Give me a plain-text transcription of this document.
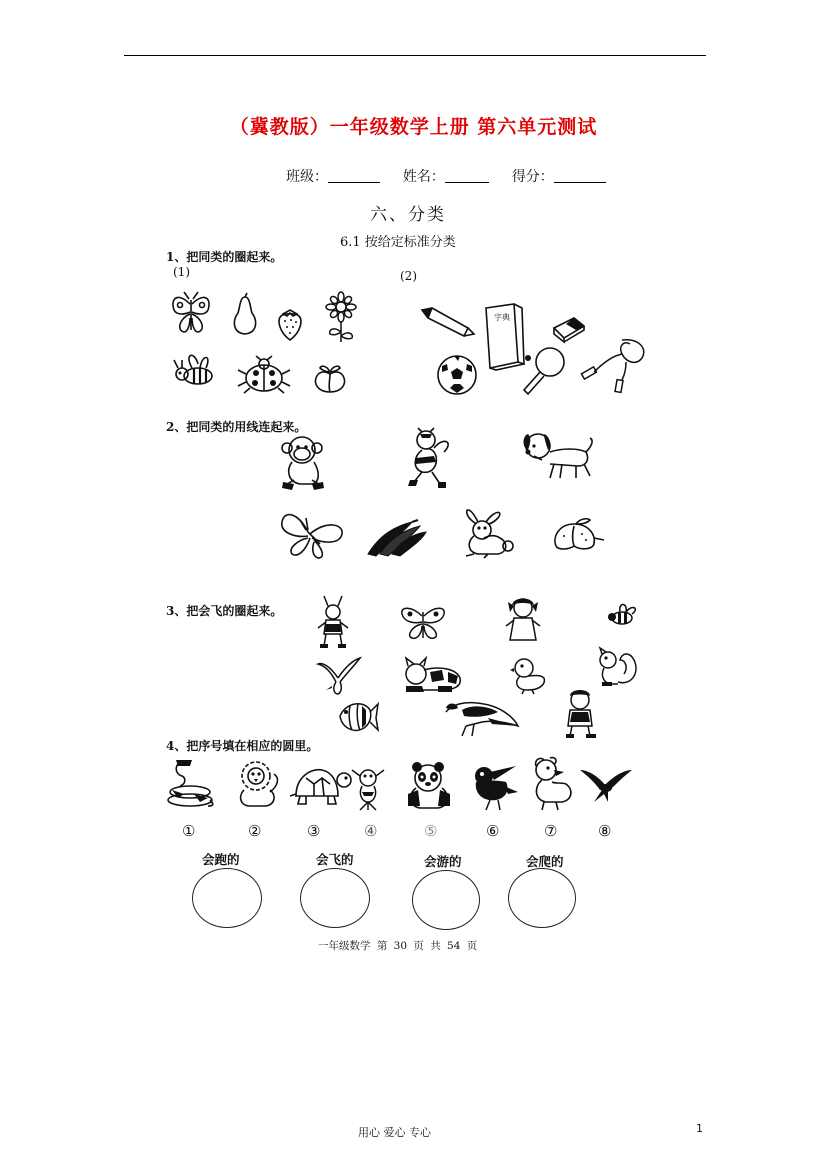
（冀教版）一年级数学上册 第六单元测试
班级：	姓名：	得分：
六、分类
6.1 按给定标准分类
1、把同类的圈起来。
(1)	(2)
字典
2、把同类的用线连起来。
3、把会飞的圈起来。
4、把序号填在相应的圆里。
①	②	③	④	⑤	⑥	⑦	⑧
会跑的	会飞的	会游的	会爬的
一年级数学 第 30 页 共 54 页
用心 爱心 专心	1
